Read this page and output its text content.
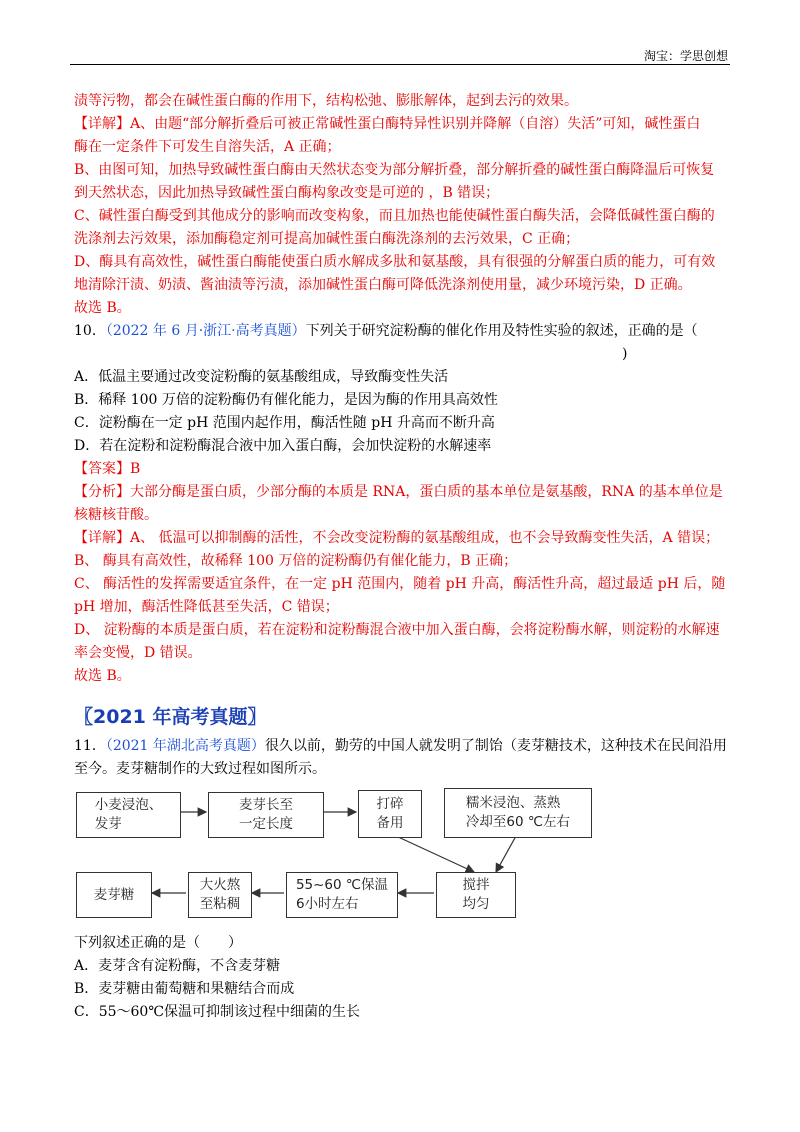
淘宝：学思创想
渍等污物，都会在碱性蛋白酶的作用下，结构松弛、膨胀解体，起到去污的效果。
【详解】A、由题“部分解折叠后可被正常碱性蛋白酶特异性识别并降解（自溶）失活”可知，碱性蛋白
酶在一定条件下可发生自溶失活，A 正确；
B、由图可知，加热导致碱性蛋白酶由天然状态变为部分解折叠，部分解折叠的碱性蛋白酶降温后可恢复
到天然状态，因此加热导致碱性蛋白酶构象改变是可逆的 ，B 错误；
C、碱性蛋白酶受到其他成分的影响而改变构象，而且加热也能使碱性蛋白酶失活，会降低碱性蛋白酶的
洗涤剂去污效果，添加酶稳定剂可提高加碱性蛋白酶洗涤剂的去污效果，C 正确；
D、酶具有高效性，碱性蛋白酶能使蛋白质水解成多肽和氨基酸，具有很强的分解蛋白质的能力，可有效
地清除汗渍、奶渍、酱油渍等污渍，添加碱性蛋白酶可降低洗涤剂使用量，减少环境污染，D 正确。
故选 B。
10．（2022 年 6 月·浙江·高考真题）下列关于研究淀粉酶的催化作用及特性实验的叙述，正确的是（
)
A．低温主要通过改变淀粉酶的氨基酸组成，导致酶变性失活
B．稀释 100 万倍的淀粉酶仍有催化能力，是因为酶的作用具高效性
C．淀粉酶在一定 pH 范围内起作用，酶活性随 pH 升高而不断升高
D．若在淀粉和淀粉酶混合液中加入蛋白酶，会加快淀粉的水解速率
【答案】B
【分析】大部分酶是蛋白质，少部分酶的本质是 RNA，蛋白质的基本单位是氨基酸，RNA 的基本单位是
核糖核苷酸。
【详解】A、 低温可以抑制酶的活性，不会改变淀粉酶的氨基酸组成，也不会导致酶变性失活，A 错误；
B、 酶具有高效性，故稀释 100 万倍的淀粉酶仍有催化能力，B 正确；
C、 酶活性的发挥需要适宜条件，在一定 pH 范围内，随着 pH 升高，酶活性升高，超过最适 pH 后，随
pH 增加，酶活性降低甚至失活，C 错误；
D、 淀粉酶的本质是蛋白质，若在淀粉和淀粉酶混合液中加入蛋白酶，会将淀粉酶水解，则淀粉的水解速
率会变慢，D 错误。
故选 B。
〖2021 年高考真题〗
11．（2021 年湖北高考真题）很久以前，勤劳的中国人就发明了制饴（麦芽糖技术，这种技术在民间沿用
至今。麦芽糖制作的大致过程如图所示。
小麦浸泡、
发芽
麦芽长至
一定长度
打碎
备用
糯米浸泡、蒸熟
冷却至60 ℃左右
搅拌
均匀
55~60 ℃保温
6小时左右
大火熬
至粘稠
麦芽糖
下列叙述正确的是（　　）
A．麦芽含有淀粉酶，不含麦芽糖
B．麦芽糖由葡萄糖和果糖结合而成
C．55～60℃保温可抑制该过程中细菌的生长
